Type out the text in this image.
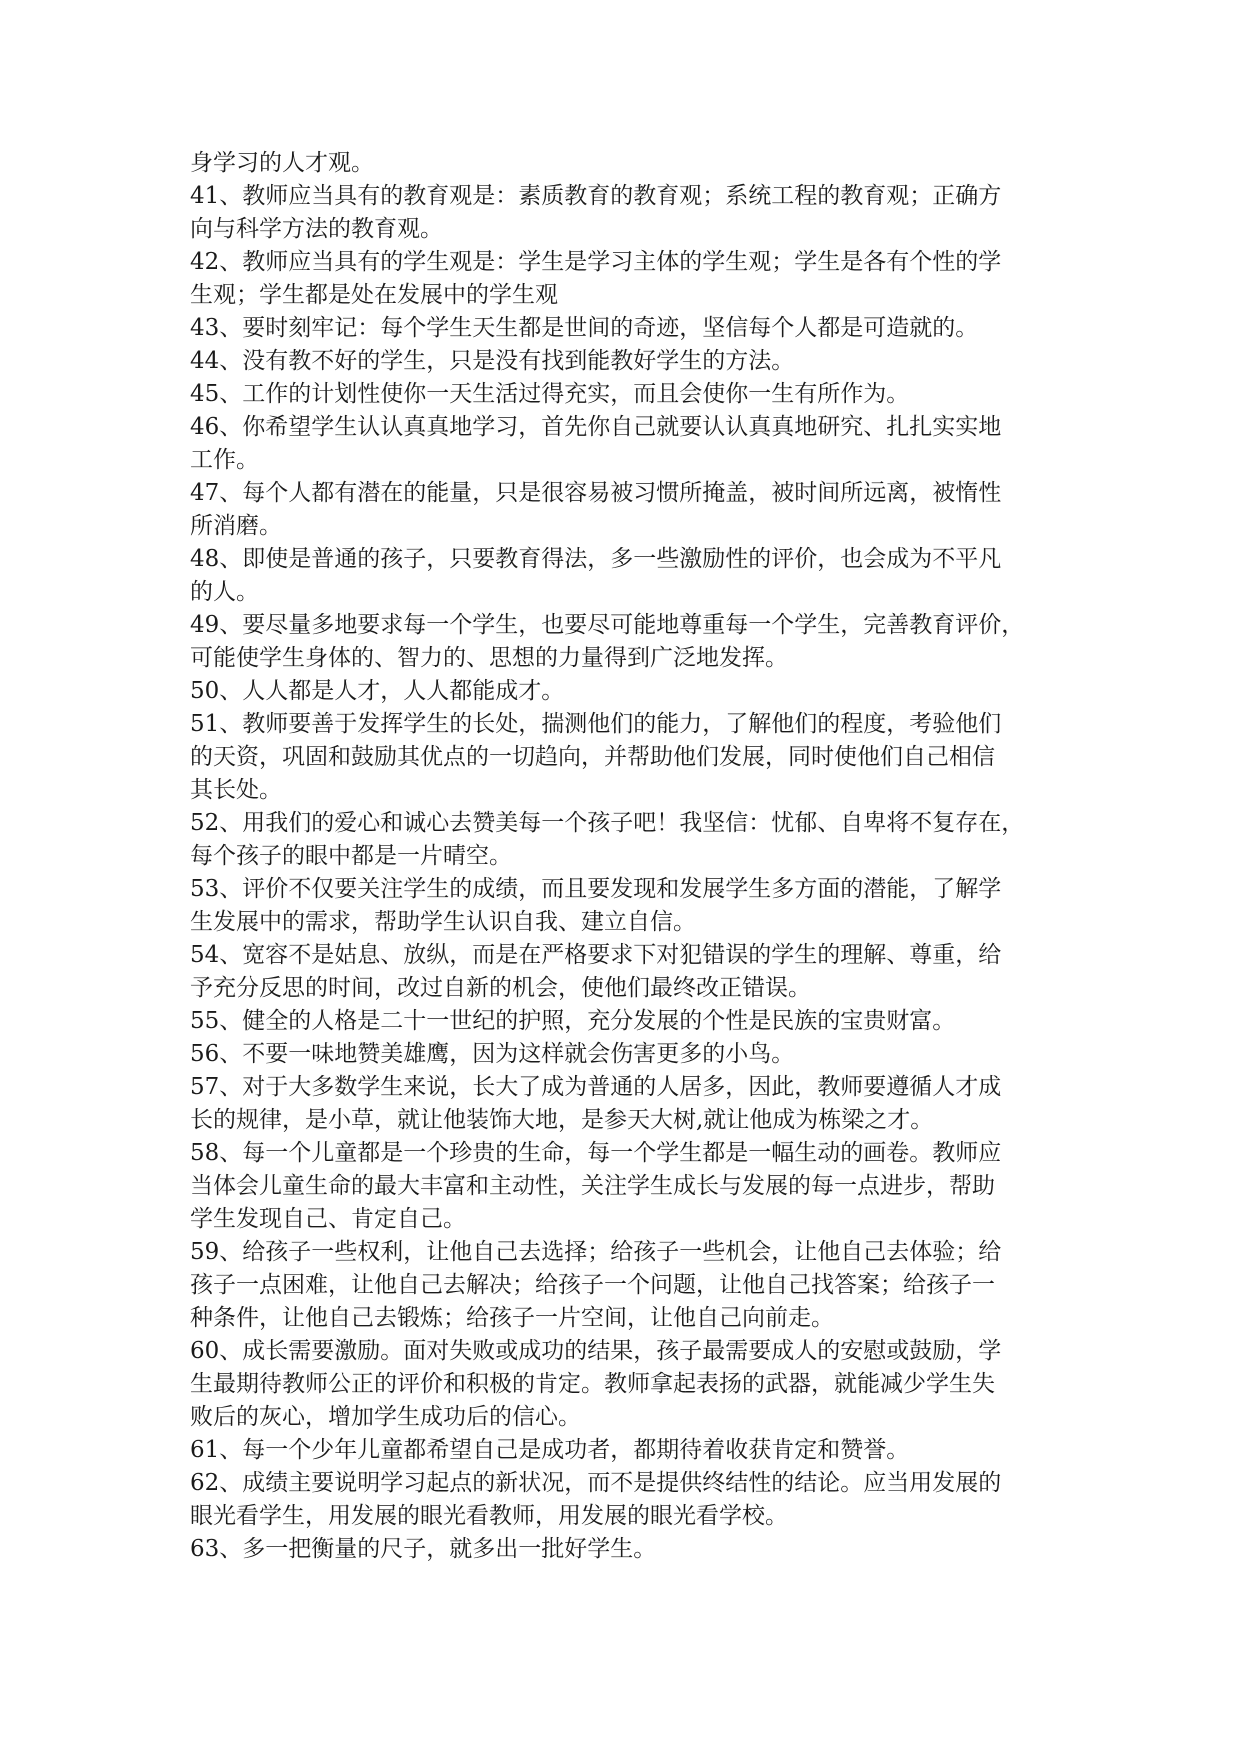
身学习的人才观。
41、教师应当具有的教育观是：素质教育的教育观；系统工程的教育观；正确方
向与科学方法的教育观。
42、教师应当具有的学生观是：学生是学习主体的学生观；学生是各有个性的学
生观；学生都是处在发展中的学生观
43、要时刻牢记：每个学生天生都是世间的奇迹，坚信每个人都是可造就的。
44、没有教不好的学生，只是没有找到能教好学生的方法。
45、工作的计划性使你一天生活过得充实，而且会使你一生有所作为。
46、你希望学生认认真真地学习，首先你自己就要认认真真地研究、扎扎实实地
工作。
47、每个人都有潜在的能量，只是很容易被习惯所掩盖，被时间所远离，被惰性
所消磨。
48、即使是普通的孩子，只要教育得法，多一些激励性的评价，也会成为不平凡
的人。
49、要尽量多地要求每一个学生，也要尽可能地尊重每一个学生，完善教育评价，
可能使学生身体的、智力的、思想的力量得到广泛地发挥。
50、人人都是人才，人人都能成才。
51、教师要善于发挥学生的长处，揣测他们的能力，了解他们的程度，考验他们
的天资，巩固和鼓励其优点的一切趋向，并帮助他们发展，同时使他们自己相信
其长处。
52、用我们的爱心和诚心去赞美每一个孩子吧！我坚信：忧郁、自卑将不复存在，
每个孩子的眼中都是一片晴空。
53、评价不仅要关注学生的成绩，而且要发现和发展学生多方面的潜能，了解学
生发展中的需求，帮助学生认识自我、建立自信。
54、宽容不是姑息、放纵，而是在严格要求下对犯错误的学生的理解、尊重，给
予充分反思的时间，改过自新的机会，使他们最终改正错误。
55、健全的人格是二十一世纪的护照，充分发展的个性是民族的宝贵财富。
56、不要一味地赞美雄鹰，因为这样就会伤害更多的小鸟。
57、对于大多数学生来说，长大了成为普通的人居多，因此，教师要遵循人才成
长的规律，是小草，就让他装饰大地，是参天大树,就让他成为栋梁之才。
58、每一个儿童都是一个珍贵的生命，每一个学生都是一幅生动的画卷。教师应
当体会儿童生命的最大丰富和主动性，关注学生成长与发展的每一点进步，帮助
学生发现自己、肯定自己。
59、给孩子一些权利，让他自己去选择；给孩子一些机会，让他自己去体验；给
孩子一点困难，让他自己去解决；给孩子一个问题，让他自己找答案；给孩子一
种条件，让他自己去锻炼；给孩子一片空间，让他自己向前走。
60、成长需要激励。面对失败或成功的结果，孩子最需要成人的安慰或鼓励，学
生最期待教师公正的评价和积极的肯定。教师拿起表扬的武器，就能减少学生失
败后的灰心，增加学生成功后的信心。
61、每一个少年儿童都希望自己是成功者，都期待着收获肯定和赞誉。
62、成绩主要说明学习起点的新状况，而不是提供终结性的结论。应当用发展的
眼光看学生，用发展的眼光看教师，用发展的眼光看学校。
63、多一把衡量的尺子，就多出一批好学生。
